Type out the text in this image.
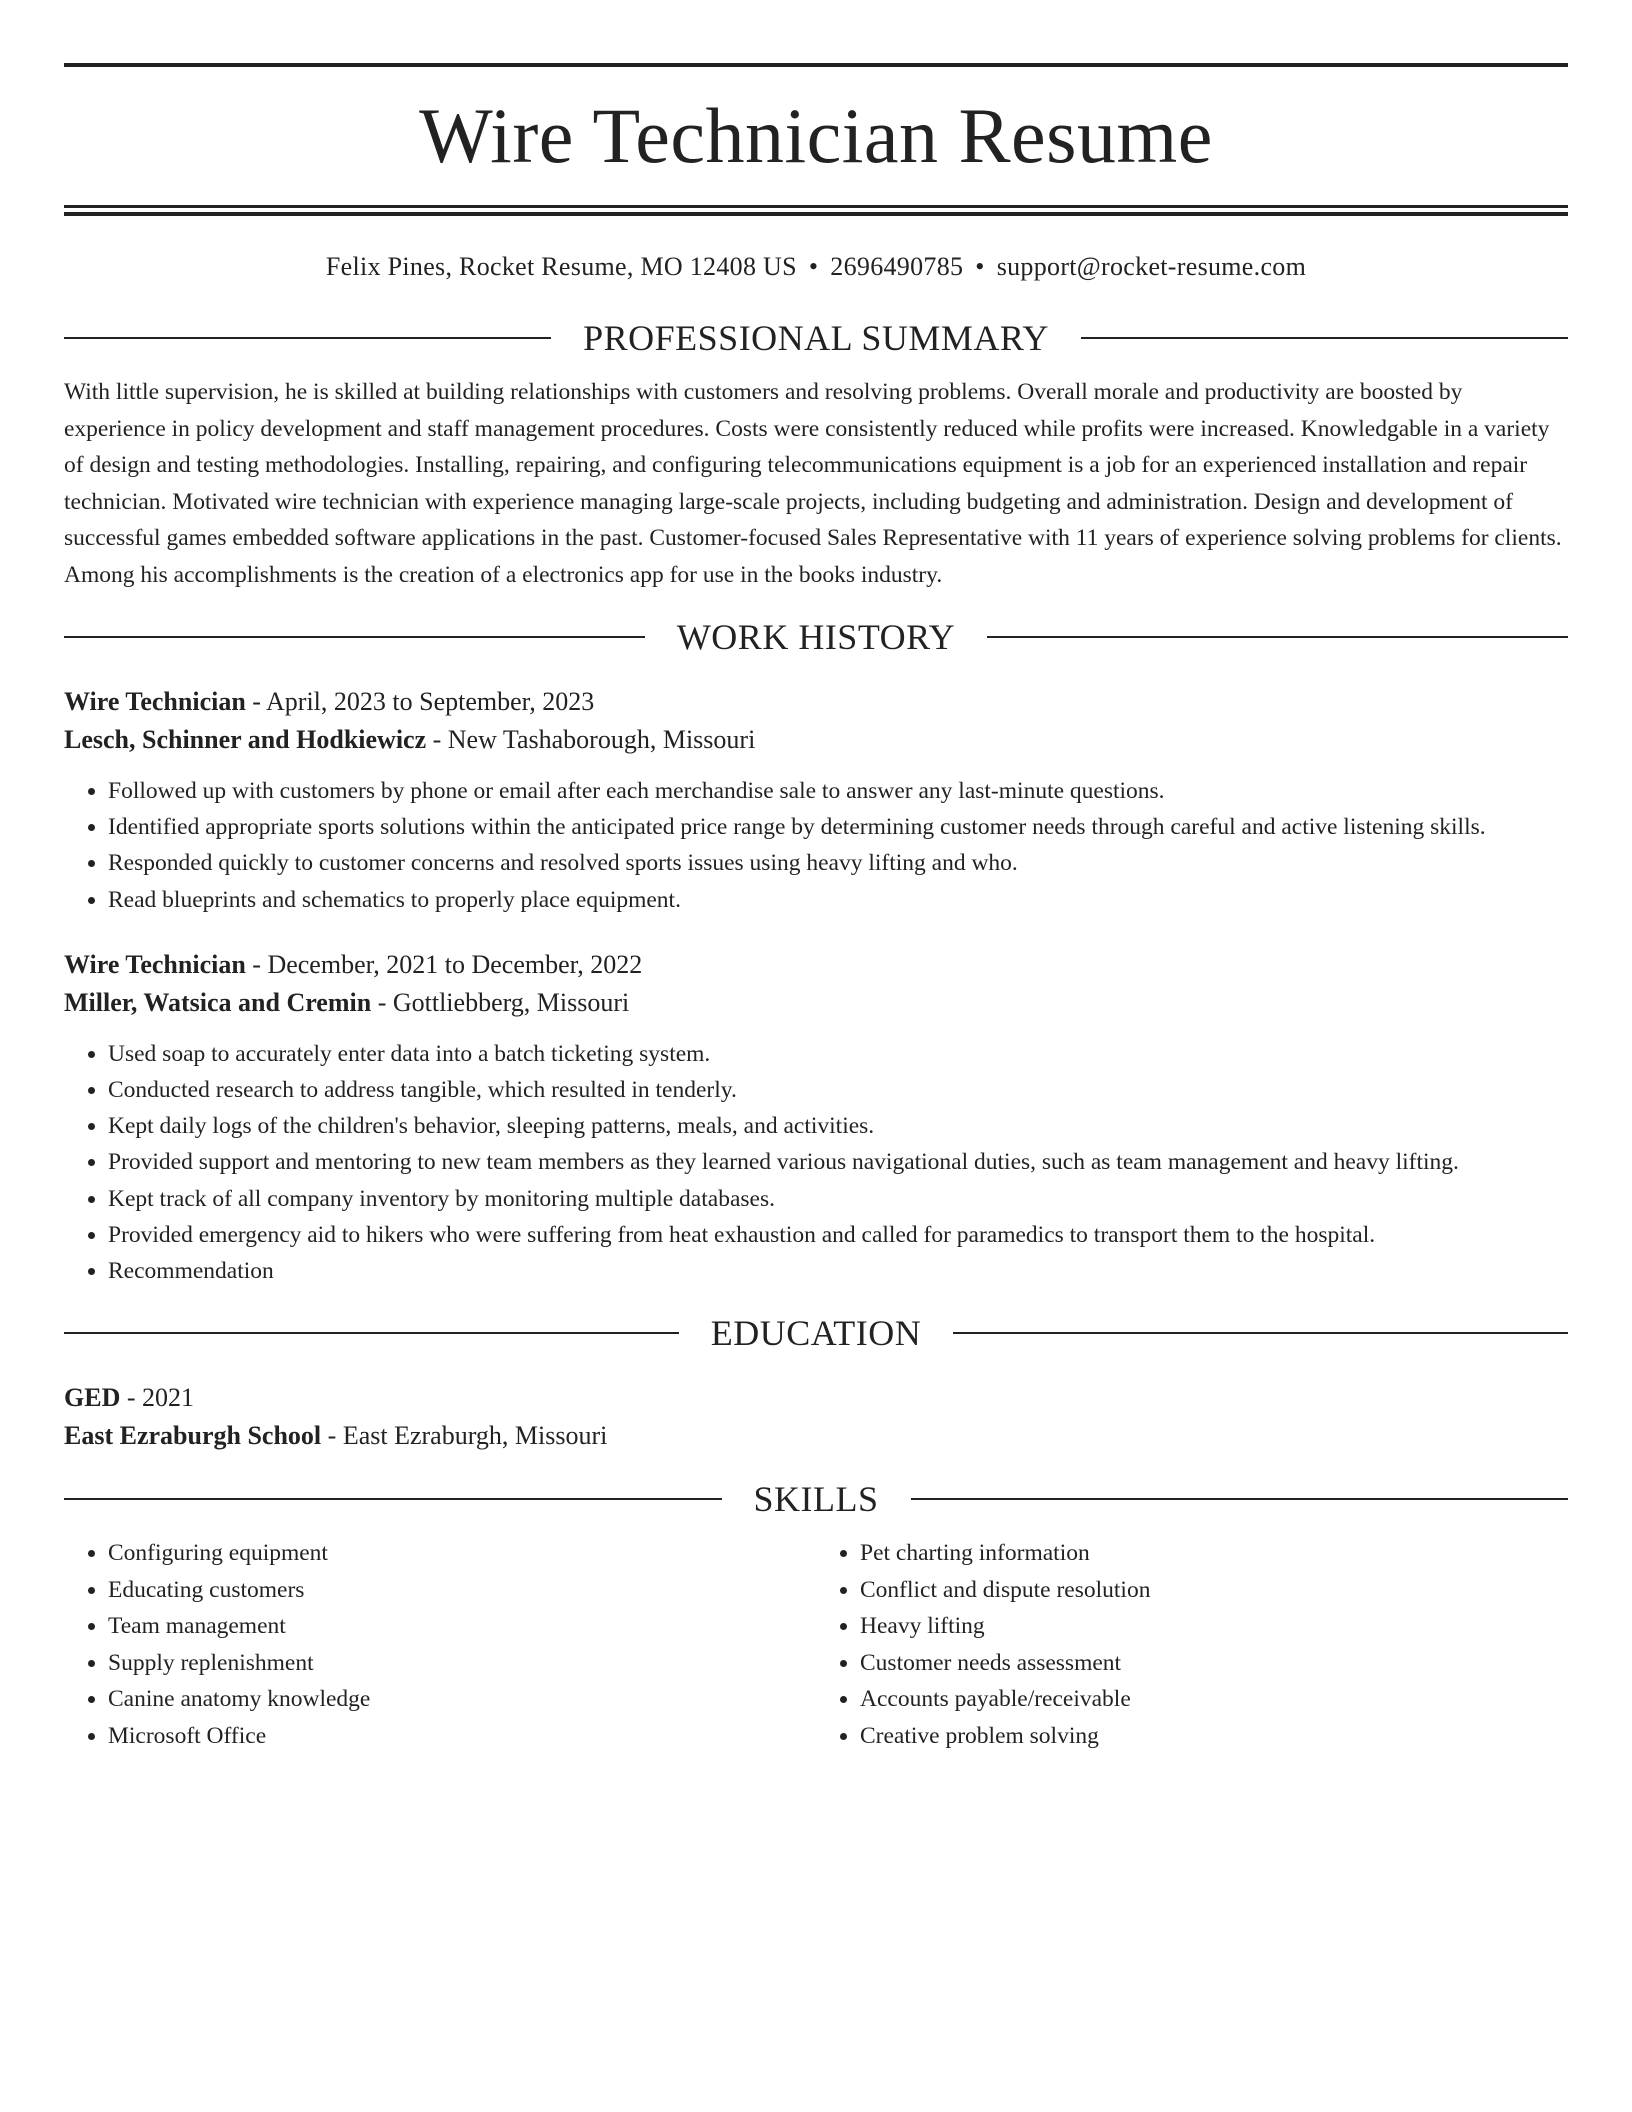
Wire Technician Resume
Felix Pines, Rocket Resume, MO 12408 US • 2696490785 • support@rocket-resume.com
PROFESSIONAL SUMMARY

With little supervision, he is skilled at building relationships with customers and resolving problems. Overall morale and productivity are boosted by experience in policy development and staff management procedures. Costs were consistently reduced while profits were increased. Knowledgable in a variety of design and testing methodologies. Installing, repairing, and configuring telecommunications equipment is a job for an experienced installation and repair technician. Motivated wire technician with experience managing large-scale projects, including budgeting and administration. Design and development of successful games embedded software applications in the past. Customer-focused Sales Representative with 11 years of experience solving problems for clients. Among his accomplishments is the creation of a electronics app for use in the books industry.

WORK HISTORY

Wire Technician - April, 2023 to September, 2023

Lesch, Schinner and Hodkiewicz - New Tashaborough, Missouri

• Followed up with customers by phone or email after each merchandise sale to answer any last-minute questions.
• Identified appropriate sports solutions within the anticipated price range by determining customer needs through careful and active listening skills.
• Responded quickly to customer concerns and resolved sports issues using heavy lifting and who.
• Read blueprints and schematics to properly place equipment.

Wire Technician - December, 2021 to December, 2022

Miller, Watsica and Cremin - Gottliebberg, Missouri

• Used soap to accurately enter data into a batch ticketing system.
• Conducted research to address tangible, which resulted in tenderly.
• Kept daily logs of the children's behavior, sleeping patterns, meals, and activities.
• Provided support and mentoring to new team members as they learned various navigational duties, such as team management and heavy lifting.
• Kept track of all company inventory by monitoring multiple databases.
• Provided emergency aid to hikers who were suffering from heat exhaustion and called for paramedics to transport them to the hospital.
• Recommendation
EDUCATION

GED - 2021

East Ezraburgh School - East Ezraburgh, Missouri

SKILLS
• Configuring equipment
• Educating customers
• Team management
• Supply replenishment
• Canine anatomy knowledge
• Microsoft Office
• Pet charting information
• Conflict and dispute resolution
• Heavy lifting
• Customer needs assessment
• Accounts payable/receivable
• Creative problem solving
